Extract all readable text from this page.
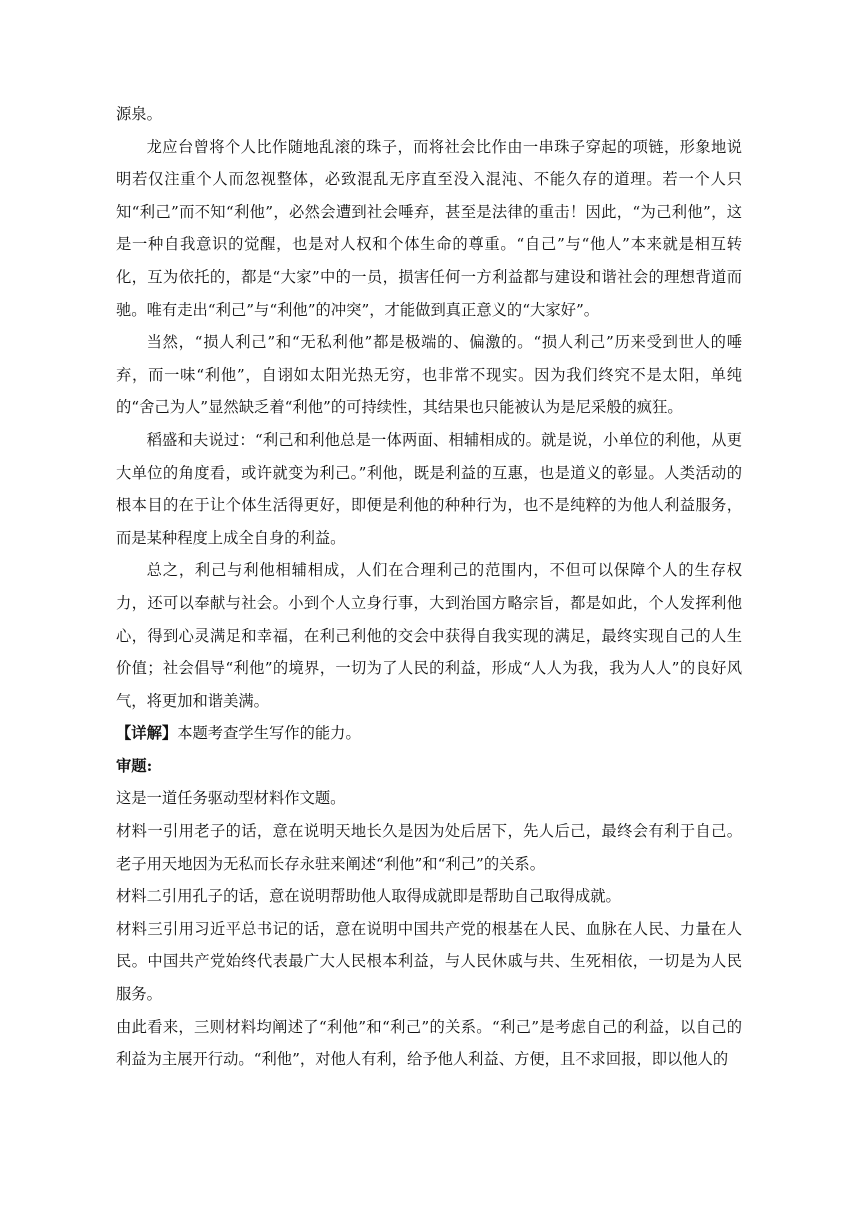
源泉。

龙应台曾将个人比作随地乱滚的珠子，而将社会比作由一串珠子穿起的项链，形象地说明若仅注重个人而忽视整体，必致混乱无序直至没入混沌、不能久存的道理。若一个人只知“利己”而不知“利他”，必然会遭到社会唾弃，甚至是法律的重击！因此，“为己利他”，这是一种自我意识的觉醒，也是对人权和个体生命的尊重。“自己”与“他人”本来就是相互转化，互为依托的，都是“大家”中的一员，损害任何一方利益都与建设和谐社会的理想背道而驰。唯有走出“利己”与“利他”的冲突”，才能做到真正意义的“大家好”。

当然，“损人利己”和“无私利他”都是极端的、偏激的。“损人利己”历来受到世人的唾弃，而一味“利他”，自诩如太阳光热无穷，也非常不现实。因为我们终究不是太阳，单纯的“舍己为人”显然缺乏着“利他”的可持续性，其结果也只能被认为是尼采般的疯狂。

稻盛和夫说过：“利己和利他总是一体两面、相辅相成的。就是说，小单位的利他，从更大单位的角度看，或许就变为利己。”利他，既是利益的互惠，也是道义的彰显。人类活动的根本目的在于让个体生活得更好，即便是利他的种种行为，也不是纯粹的为他人利益服务，而是某种程度上成全自身的利益。

总之，利己与利他相辅相成，人们在合理利己的范围内，不但可以保障个人的生存权力，还可以奉献与社会。小到个人立身行事，大到治国方略宗旨，都是如此，个人发挥利他心，得到心灵满足和幸福，在利己利他的交会中获得自我实现的满足，最终实现自己的人生价值；社会倡导“利他”的境界，一切为了人民的利益，形成“人人为我，我为人人”的良好风气，将更加和谐美满。

【详解】本题考查学生写作的能力。

审题:

这是一道任务驱动型材料作文题。

材料一引用老子的话，意在说明天地长久是因为处后居下，先人后己，最终会有利于自己。老子用天地因为无私而长存永驻来阐述“利他”和“利己”的关系。

材料二引用孔子的话，意在说明帮助他人取得成就即是帮助自己取得成就。

材料三引用习近平总书记的话，意在说明中国共产党的根基在人民、血脉在人民、力量在人民。中国共产党始终代表最广大人民根本利益，与人民休戚与共、生死相依，一切是为人民服务。

由此看来，三则材料均阐述了“利他”和“利己”的关系。“利己”是考虑自己的利益，以自己的利益为主展开行动。“利他”，对他人有利，给予他人利益、方便，且不求回报，即以他人的
